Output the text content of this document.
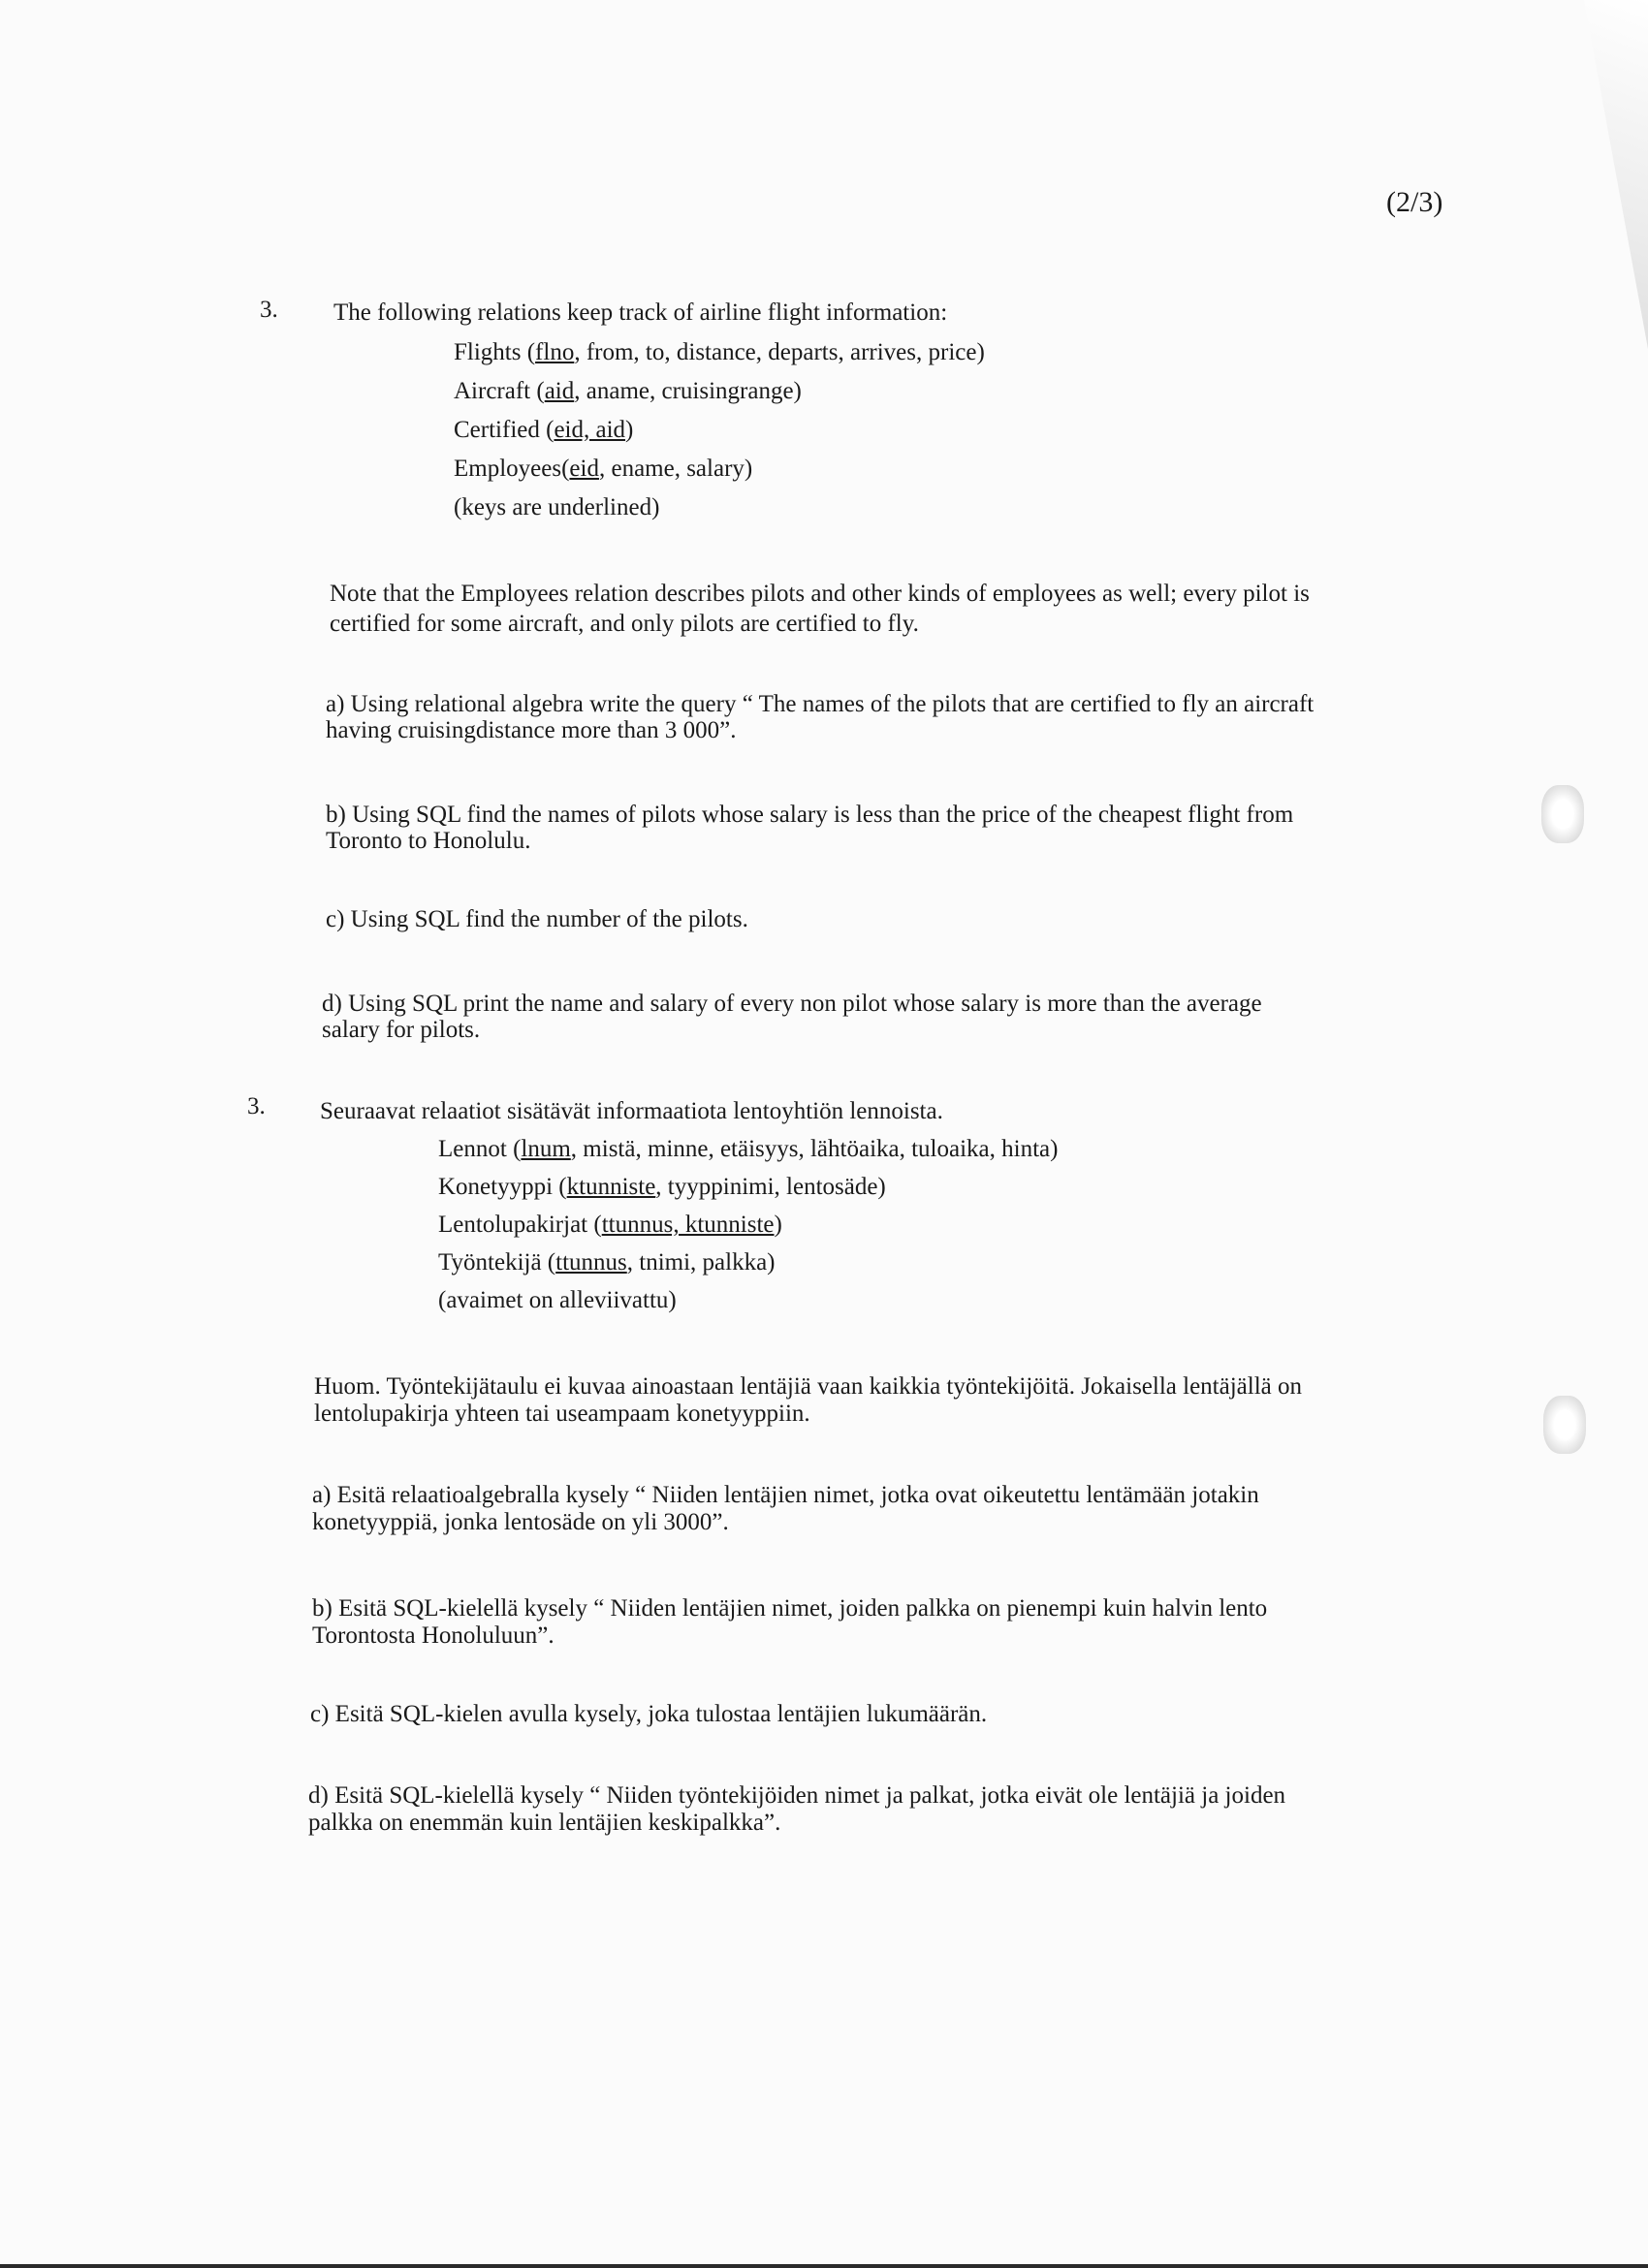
(2/3)
3. The following relations keep track of airline flight information:
Flights (flno, from, to, distance, departs, arrives, price)
Aircraft (aid, aname, cruisingrange)
Certified (eid, aid)
Employees(eid, ename, salary)
(keys are underlined)
Note that the Employees relation describes pilots and other kinds of employees as well; every pilot is
certified for some aircraft, and only pilots are certified to fly.
a) Using relational algebra write the query “ The names of the pilots that are certified to fly an aircraft
having cruisingdistance more than 3 000”.
b) Using SQL find the names of pilots whose salary is less than the price of the cheapest flight from
Toronto to Honolulu.
c) Using SQL find the number of the pilots.
d) Using SQL print the name and salary of every non pilot whose salary is more than the average
salary for pilots.
3. Seuraavat relaatiot sisätävät informaatiota lentoyhtiön lennoista.
Lennot (lnum, mistä, minne, etäisyys, lähtöaika, tuloaika, hinta)
Konetyyppi (ktunniste, tyyppinimi, lentosäde)
Lentolupakirjat (ttunnus, ktunniste)
Työntekijä (ttunnus, tnimi, palkka)
(avaimet on alleviivattu)
Huom. Työntekijätaulu ei kuvaa ainoastaan lentäjiä vaan kaikkia työntekijöitä. Jokaisella lentäjällä on
lentolupakirja yhteen tai useampaam konetyyppiin.
a) Esitä relaatioalgebralla kysely “ Niiden lentäjien nimet, jotka ovat oikeutettu lentämään jotakin
konetyyppiä, jonka lentosäde on yli 3000”.
b) Esitä SQL-kielellä kysely “ Niiden lentäjien nimet, joiden palkka on pienempi kuin halvin lento
Torontosta Honoluluun”.
c) Esitä SQL-kielen avulla kysely, joka tulostaa lentäjien lukumäärän.
d) Esitä SQL-kielellä kysely “ Niiden työntekijöiden nimet ja palkat, jotka eivät ole lentäjiä ja joiden
palkka on enemmän kuin lentäjien keskipalkka”.
